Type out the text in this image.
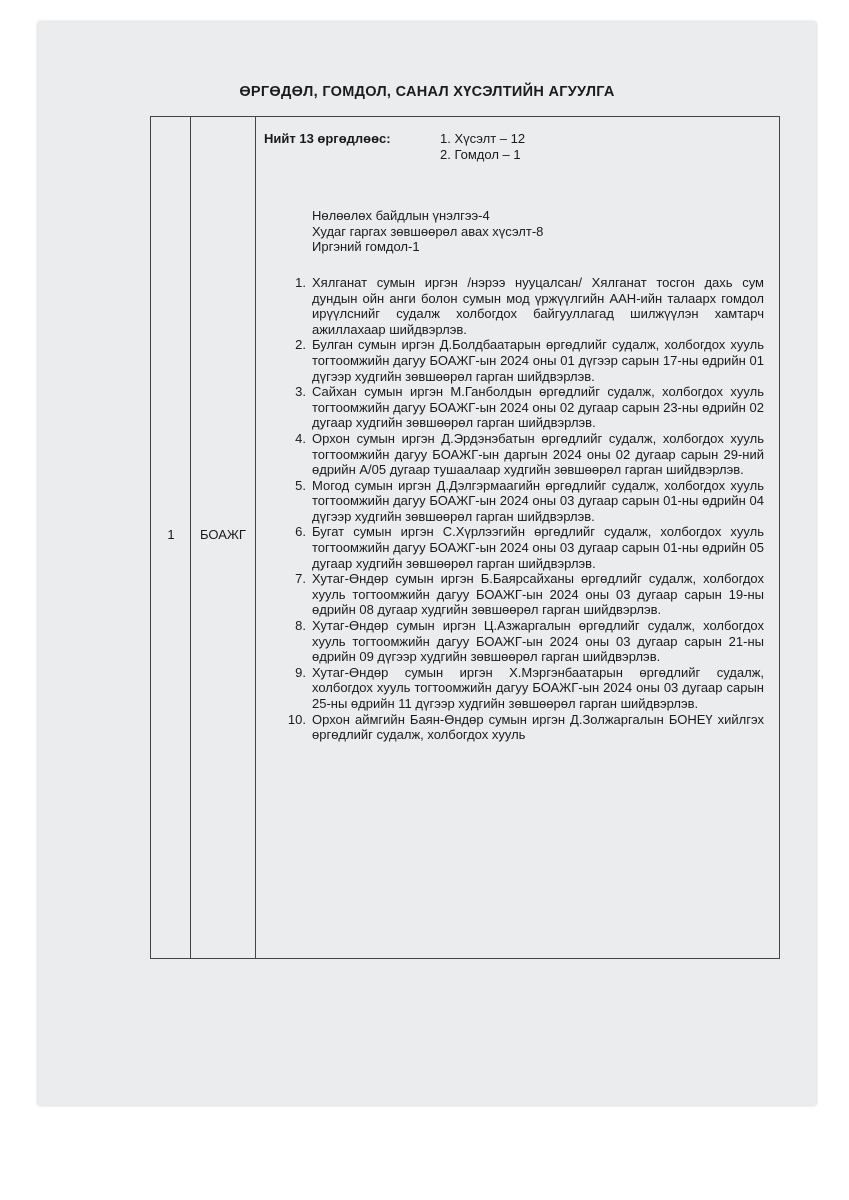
ӨРГӨДӨЛ, ГОМДОЛ, САНАЛ ХҮСЭЛТИЙН АГУУЛГА
1	БОАЖГ
Нийт 13 өргөдлөөс:	1. Хүсэлт – 12
2. Гомдол – 1
Нөлөөлөх байдлын үнэлгээ-4
Худаг гаргах зөвшөөрөл авах хүсэлт-8
Иргэний гомдол-1
1. Хялганат сумын иргэн /нэрээ нууцалсан/ Хялганат тосгон дахь сум дундын ойн анги болон сумын мод үржүүлгийн ААН-ийн талаарх гомдол ирүүлснийг судалж холбогдох байгууллагад шилжүүлэн хамтарч ажиллахаар шийдвэрлэв.
2. Булган сумын иргэн Д.Болдбаатарын өргөдлийг судалж, холбогдох хууль тогтоомжийн дагуу БОАЖГ-ын 2024 оны 01 дүгээр сарын 17-ны өдрийн 01 дүгээр худгийн зөвшөөрөл гарган шийдвэрлэв.
3. Сайхан сумын иргэн М.Ганболдын өргөдлийг судалж, холбогдох хууль тогтоомжийн дагуу БОАЖГ-ын 2024 оны 02 дугаар сарын 23-ны өдрийн 02 дугаар худгийн зөвшөөрөл гарган шийдвэрлэв.
4. Орхон сумын иргэн Д.Эрдэнэбатын өргөдлийг судалж, холбогдох хууль тогтоомжийн дагуу БОАЖГ-ын даргын 2024 оны 02 дугаар сарын 29-ний өдрийн А/05 дугаар тушаалаар худгийн зөвшөөрөл гарган шийдвэрлэв.
5. Могод сумын иргэн Д.Дэлгэрмаагийн өргөдлийг судалж, холбогдох хууль тогтоомжийн дагуу БОАЖГ-ын 2024 оны 03 дугаар сарын 01-ны өдрийн 04 дүгээр худгийн зөвшөөрөл гарган шийдвэрлэв.
6. Бугат сумын иргэн С.Хүрлээгийн өргөдлийг судалж, холбогдох хууль тогтоомжийн дагуу БОАЖГ-ын 2024 оны 03 дугаар сарын 01-ны өдрийн 05 дугаар худгийн зөвшөөрөл гарган шийдвэрлэв.
7. Хутаг-Өндөр сумын иргэн Б.Баярсайханы өргөдлийг судалж, холбогдох хууль тогтоомжийн дагуу БОАЖГ-ын 2024 оны 03 дугаар сарын 19-ны өдрийн 08 дугаар худгийн зөвшөөрөл гарган шийдвэрлэв.
8. Хутаг-Өндөр сумын иргэн Ц.Азжаргалын өргөдлийг судалж, холбогдох хууль тогтоомжийн дагуу БОАЖГ-ын 2024 оны 03 дугаар сарын 21-ны өдрийн 09 дүгээр худгийн зөвшөөрөл гарган шийдвэрлэв.
9. Хутаг-Өндөр сумын иргэн Х.Мэргэнбаатарын өргөдлийг судалж, холбогдох хууль тогтоомжийн дагуу БОАЖГ-ын 2024 оны 03 дугаар сарын 25-ны өдрийн 11 дүгээр худгийн зөвшөөрөл гарган шийдвэрлэв.
10. Орхон аймгийн Баян-Өндөр сумын иргэн Д.Золжаргалын БОНЕҮ хийлгэх өргөдлийг судалж, холбогдох хууль
